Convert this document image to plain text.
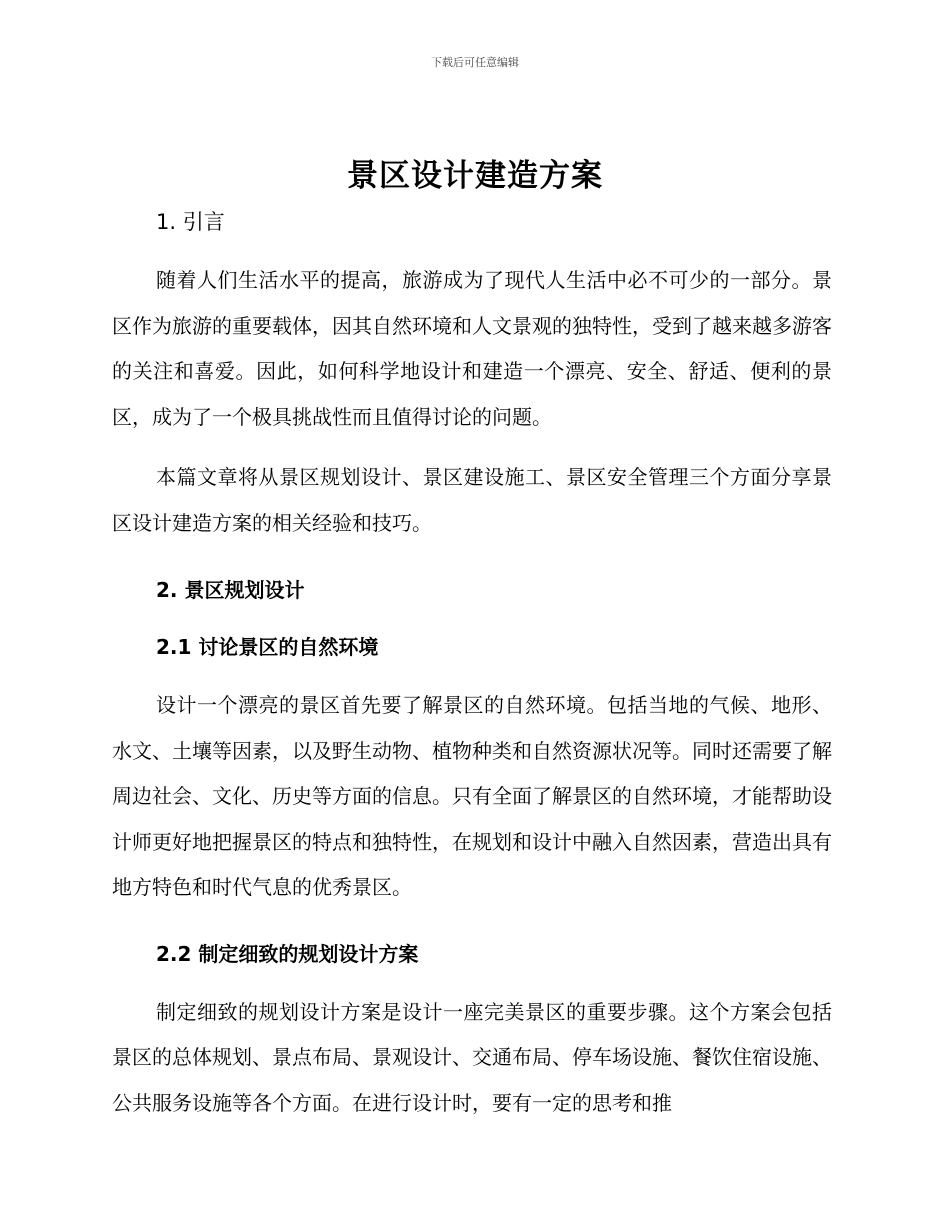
下载后可任意编辑
景区设计建造方案
1. 引言

随着人们生活水平的提高，旅游成为了现代人生活中必不可少的一部分。景区作为旅游的重要载体，因其自然环境和人文景观的独特性，受到了越来越多游客的关注和喜爱。因此，如何科学地设计和建造一个漂亮、安全、舒适、便利的景区，成为了一个极具挑战性而且值得讨论的问题。

本篇文章将从景区规划设计、景区建设施工、景区安全管理三个方面分享景区设计建造方案的相关经验和技巧。

2. 景区规划设计
2.1 讨论景区的自然环境

设计一个漂亮的景区首先要了解景区的自然环境。包括当地的气候、地形、水文、土壤等因素，以及野生动物、植物种类和自然资源状况等。同时还需要了解周边社会、文化、历史等方面的信息。只有全面了解景区的自然环境，才能帮助设计师更好地把握景区的特点和独特性，在规划和设计中融入自然因素，营造出具有地方特色和时代气息的优秀景区。

2.2 制定细致的规划设计方案

制定细致的规划设计方案是设计一座完美景区的重要步骤。这个方案会包括景区的总体规划、景点布局、景观设计、交通布局、停车场设施、餐饮住宿设施、公共服务设施等各个方面。在进行设计时，要有一定的思考和推
